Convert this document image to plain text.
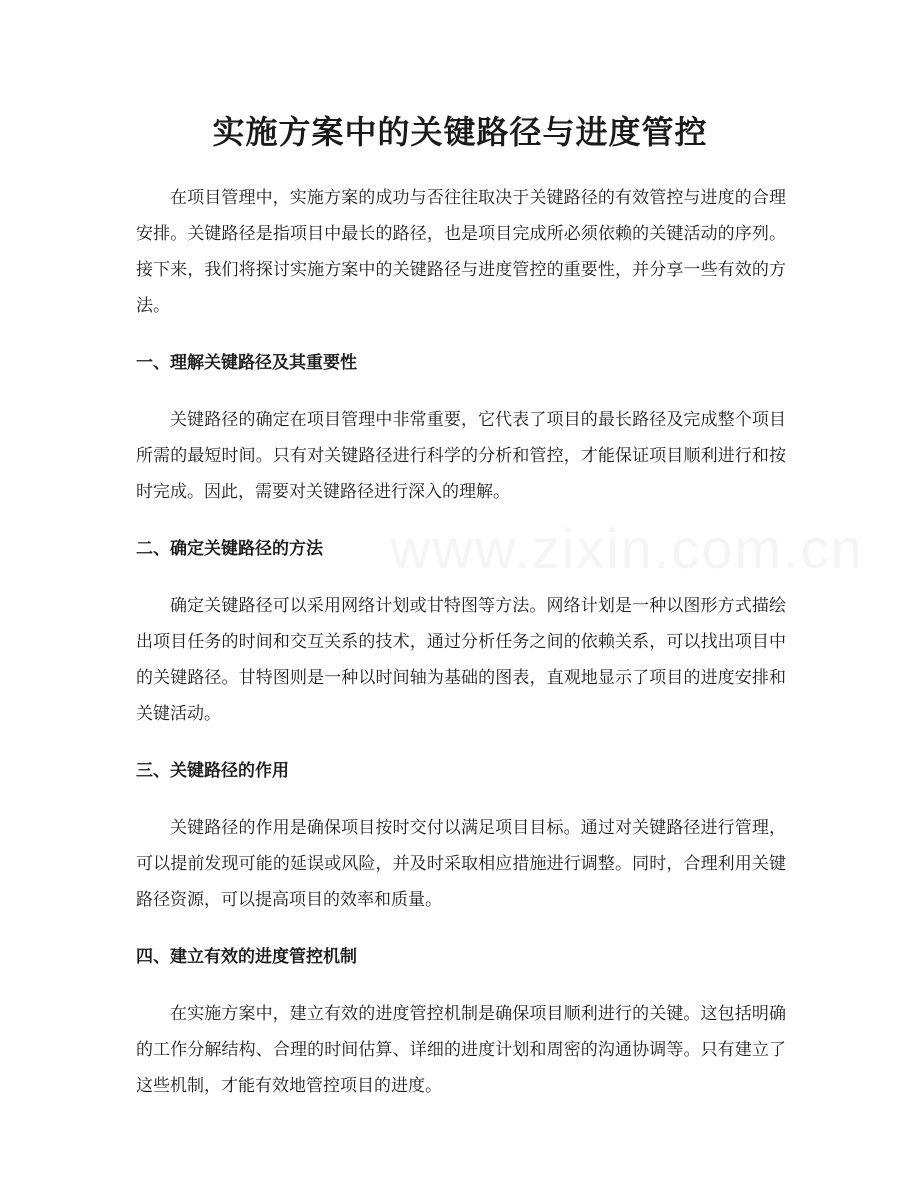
实施方案中的关键路径与进度管控
www.zixin.com.cn

在项目管理中，实施方案的成功与否往往取决于关键路径的有效管控与进度的合理安排。关键路径是指项目中最长的路径，也是项目完成所必须依赖的关键活动的序列。接下来，我们将探讨实施方案中的关键路径与进度管控的重要性，并分享一些有效的方法。

一、理解关键路径及其重要性

关键路径的确定在项目管理中非常重要，它代表了项目的最长路径及完成整个项目所需的最短时间。只有对关键路径进行科学的分析和管控，才能保证项目顺利进行和按时完成。因此，需要对关键路径进行深入的理解。

二、确定关键路径的方法

确定关键路径可以采用网络计划或甘特图等方法。网络计划是一种以图形方式描绘出项目任务的时间和交互关系的技术，通过分析任务之间的依赖关系，可以找出项目中的关键路径。甘特图则是一种以时间轴为基础的图表，直观地显示了项目的进度安排和关键活动。

三、关键路径的作用

关键路径的作用是确保项目按时交付以满足项目目标。通过对关键路径进行管理，可以提前发现可能的延误或风险，并及时采取相应措施进行调整。同时，合理利用关键路径资源，可以提高项目的效率和质量。

四、建立有效的进度管控机制

在实施方案中，建立有效的进度管控机制是确保项目顺利进行的关键。这包括明确的工作分解结构、合理的时间估算、详细的进度计划和周密的沟通协调等。只有建立了这些机制，才能有效地管控项目的进度。
